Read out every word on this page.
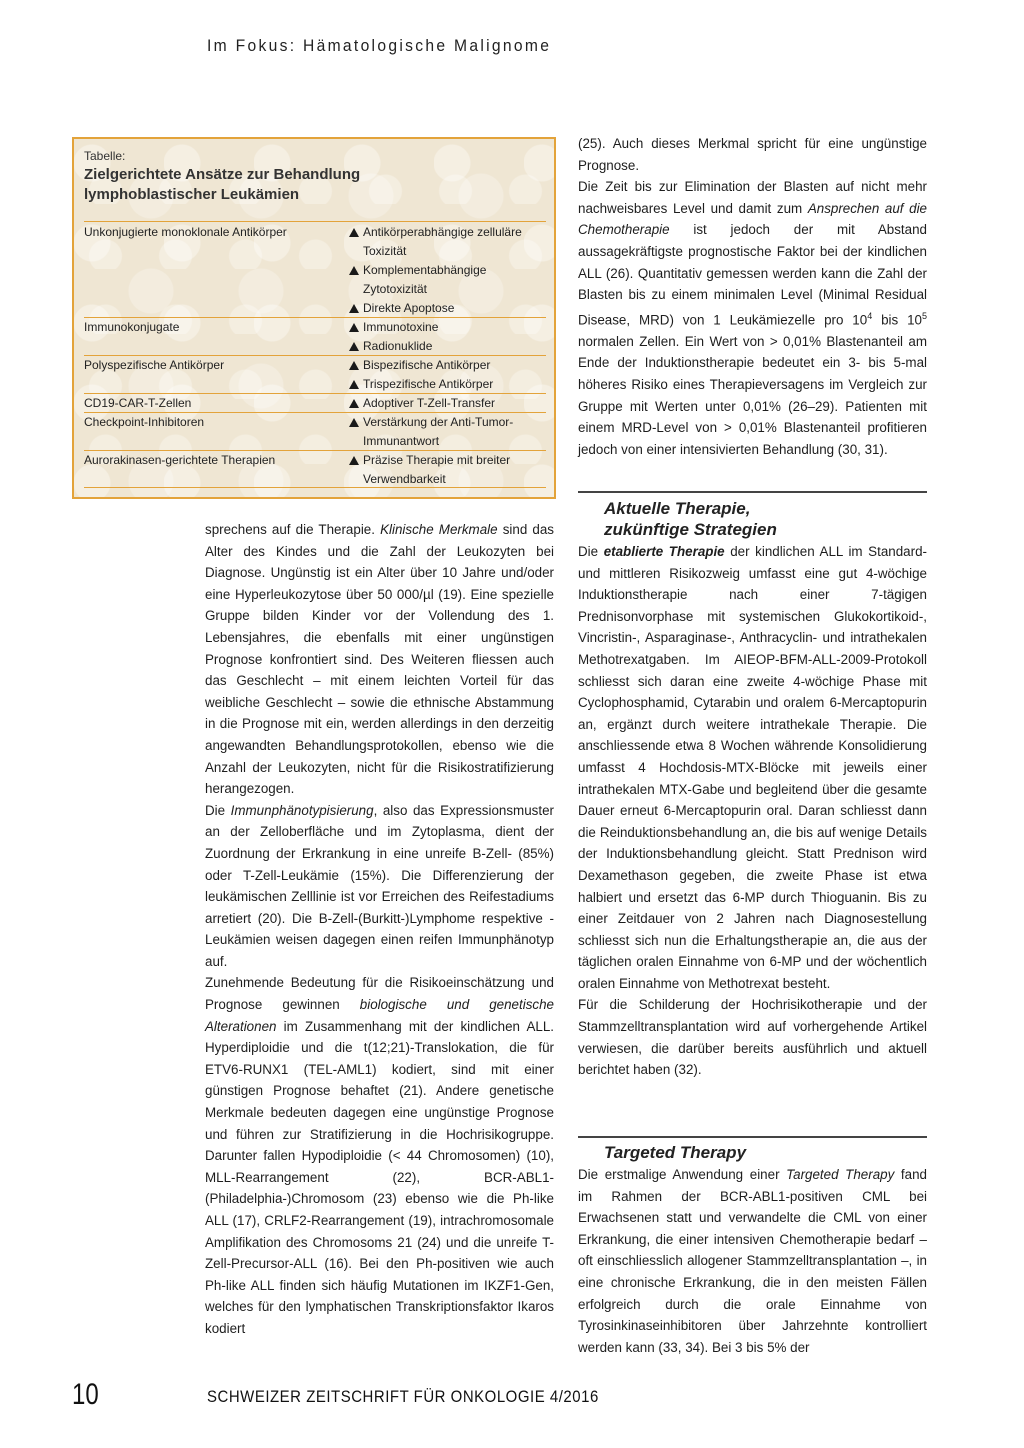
Im Fokus: Hämatologische Malignome
Tabelle:
Zielgerichtete Ansätze zur Behandlung
lymphoblastischer Leukämien
Unkonjugierte monoklonale Antikörper	Antikörperabhängige zelluläre Toxizität
Komplementabhängige Zytotoxizität
Direkte Apoptose
Immunokonjugate	Immunotoxine
Radionuklide
Polyspezifische Antikörper	Bispezifische Antikörper
Trispezifische Antikörper
CD19-CAR-T-Zellen	Adoptiver T-Zell-Transfer
Checkpoint-Inhibitoren	Verstärkung der Anti-Tumor-Immunantwort
Aurorakinasen-gerichtete Therapien	Präzise Therapie mit breiter Verwendbarkeit

sprechens auf die Therapie. Klinische Merkmale sind das Alter des Kindes und die Zahl der Leukozyten bei Diagnose. Ungünstig ist ein Alter über 10 Jahre und/oder eine Hyperleukozytose über 50 000/µl (19). Eine spezielle Gruppe bilden Kinder vor der Vollendung des 1. Lebensjahres, die ebenfalls mit einer ungünstigen Prognose konfrontiert sind. Des Weiteren fliessen auch das Geschlecht – mit einem leichten Vorteil für das weibliche Geschlecht – sowie die ethnische Abstammung in die Prognose mit ein, werden allerdings in den derzeitig angewandten Behandlungsprotokollen, ebenso wie die Anzahl der Leukozyten, nicht für die Risikostratifizierung herangezogen.

Die Immunphänotypisierung, also das Expressionsmuster an der Zelloberfläche und im Zytoplasma, dient der Zuordnung der Erkrankung in eine unreife B-Zell- (85%) oder T-Zell-Leukämie (15%). Die Differenzierung der leukämischen Zelllinie ist vor Erreichen des Reifestadiums arretiert (20). Die B-Zell-(Burkitt-)Lymphome respektive -Leukämien weisen dagegen einen reifen Immunphänotyp auf.

Zunehmende Bedeutung für die Risikoeinschätzung und Prognose gewinnen biologische und genetische Alterationen im Zusammenhang mit der kindlichen ALL. Hyperdiploidie und die t(12;21)-Translokation, die für ETV6-RUNX1 (TEL-AML1) kodiert, sind mit einer günstigen Prognose behaftet (21). Andere genetische Merkmale bedeuten dagegen eine ungünstige Prognose und führen zur Stratifizierung in die Hochrisikogruppe. Darunter fallen Hypodiploidie (< 44 Chromosomen) (10), MLL-Rearrangement (22), BCR-ABL1-(Philadelphia-)Chromosom (23) ebenso wie die Ph-like ALL (17), CRLF2-Rearrangement (19), intrachromosomale Amplifikation des Chromosoms 21 (24) und die unreife T-Zell-Precursor-ALL (16). Bei den Ph-positiven wie auch Ph-like ALL finden sich häufig Mutationen im IKZF1-Gen, welches für den lymphatischen Transkriptionsfaktor Ikaros kodiert

(25). Auch dieses Merkmal spricht für eine ungünstige Prognose.

Die Zeit bis zur Elimination der Blasten auf nicht mehr nachweisbares Level und damit zum Ansprechen auf die Chemotherapie ist jedoch der mit Abstand aussagekräftigste prognostische Faktor bei der kindlichen ALL (26). Quantitativ gemessen werden kann die Zahl der Blasten bis zu einem minimalen Level (Minimal Residual Disease, MRD) von 1 Leukämiezelle pro $10^4$ bis $10^5$ normalen Zellen. Ein Wert von > 0,01% Blastenanteil am Ende der Induktionstherapie bedeutet ein 3- bis 5-mal höheres Risiko eines Therapieversagens im Vergleich zur Gruppe mit Werten unter 0,01% (26–29). Patienten mit einem MRD-Level von > 0,01% Blastenanteil profitieren jedoch von einer intensivierten Behandlung (30, 31).

Aktuelle Therapie,
zukünftige Strategien

Die etablierte Therapie der kindlichen ALL im Standard- und mittleren Risikozweig umfasst eine gut 4-wöchige Induktionstherapie nach einer 7-tägigen Prednisonvorphase mit systemischen Glukokortikoid-, Vincristin-, Asparaginase-, Anthracyclin- und intrathekalen Methotrexatgaben. Im AIEOP-BFM-ALL-2009-Protokoll schliesst sich daran eine zweite 4-wöchige Phase mit Cyclophosphamid, Cytarabin und oralem 6-Mercaptopurin an, ergänzt durch weitere intrathekale Therapie. Die anschliessende etwa 8 Wochen währende Konsolidierung umfasst 4 Hochdosis-MTX-Blöcke mit jeweils einer intrathekalen MTX-Gabe und begleitend über die gesamte Dauer erneut 6-Mercaptopurin oral. Daran schliesst dann die Reinduktionsbehandlung an, die bis auf wenige Details der Induktionsbehandlung gleicht. Statt Prednison wird Dexamethason gegeben, die zweite Phase ist etwa halbiert und ersetzt das 6-MP durch Thioguanin. Bis zu einer Zeitdauer von 2 Jahren nach Diagnosestellung schliesst sich nun die Erhaltungstherapie an, die aus der täglichen oralen Einnahme von 6-MP und der wöchentlich oralen Einnahme von Methotrexat besteht.

Für die Schilderung der Hochrisikotherapie und der Stammzelltransplantation wird auf vorhergehende Artikel verwiesen, die darüber bereits ausführlich und aktuell berichtet haben (32).

Targeted Therapy

Die erstmalige Anwendung einer Targeted Therapy fand im Rahmen der BCR-ABL1-positiven CML bei Erwachsenen statt und verwandelte die CML von einer Erkrankung, die einer intensiven Chemotherapie bedarf – oft einschliesslich allogener Stammzelltransplantation –, in eine chronische Erkrankung, die in den meisten Fällen erfolgreich durch die orale Einnahme von Tyrosinkinaseinhibitoren über Jahrzehnte kontrolliert werden kann (33, 34). Bei 3 bis 5% der

10	SCHWEIZER ZEITSCHRIFT FÜR ONKOLOGIE 4/2016
